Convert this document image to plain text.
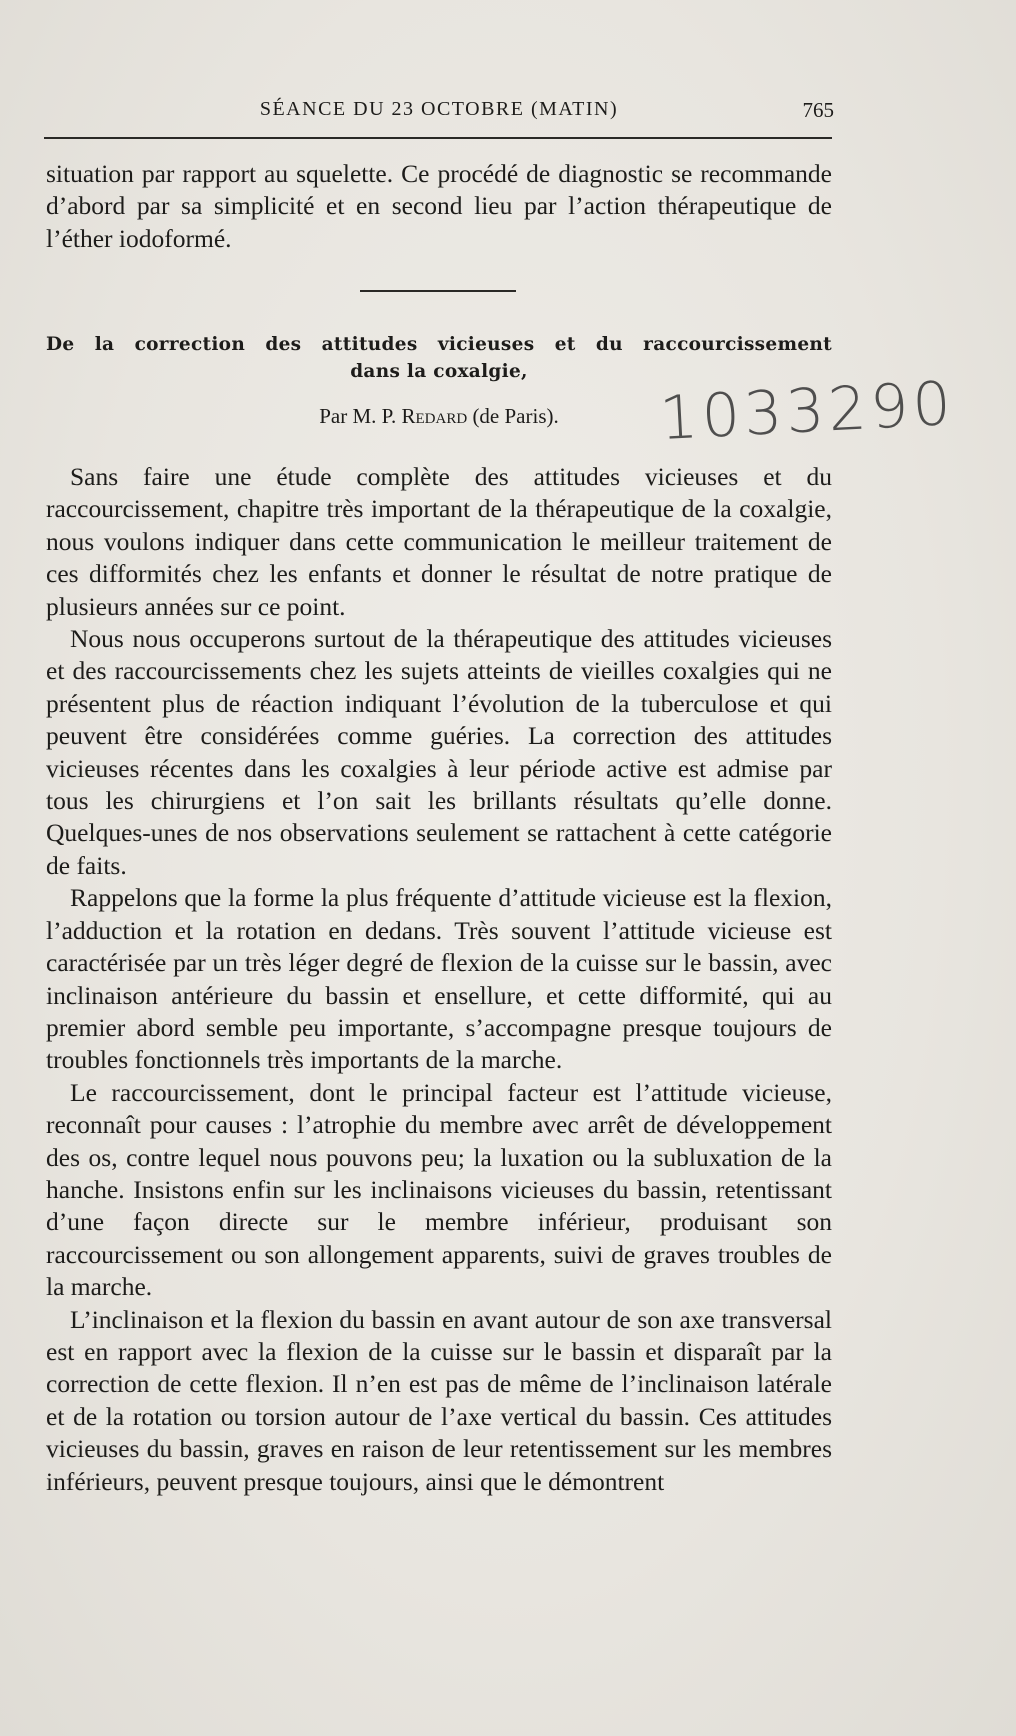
SÉANCE DU 23 OCTOBRE (MATIN)	765

situation par rapport au squelette. Ce procédé de diagnostic se recommande d’abord par sa simplicité et en second lieu par l’action thérapeutique de l’éther iodoformé.

De la correction des attitudes vicieuses et du raccourcissement
dans la coxalgie,
Par M. P. Redard (de Paris).	1033290

Sans faire une étude complète des attitudes vicieuses et du raccourcissement, chapitre très important de la thérapeutique de la coxalgie, nous voulons indiquer dans cette communication le meilleur traitement de ces difformités chez les enfants et donner le résultat de notre pratique de plusieurs années sur ce point.

Nous nous occuperons surtout de la thérapeutique des attitudes vicieuses et des raccourcissements chez les sujets atteints de vieilles coxalgies qui ne présentent plus de réaction indiquant l’évolution de la tuberculose et qui peuvent être considérées comme guéries. La correction des attitudes vicieuses récentes dans les coxalgies à leur période active est admise par tous les chirurgiens et l’on sait les brillants résultats qu’elle donne. Quelques-unes de nos observations seulement se rattachent à cette catégorie de faits.

Rappelons que la forme la plus fréquente d’attitude vicieuse est la flexion, l’adduction et la rotation en dedans. Très souvent l’attitude vicieuse est caractérisée par un très léger degré de flexion de la cuisse sur le bassin, avec inclinaison antérieure du bassin et ensellure, et cette difformité, qui au premier abord semble peu importante, s’accompagne presque toujours de troubles fonctionnels très importants de la marche.

Le raccourcissement, dont le principal facteur est l’attitude vicieuse, reconnaît pour causes : l’atrophie du membre avec arrêt de développement des os, contre lequel nous pouvons peu; la luxation ou la subluxation de la hanche. Insistons enfin sur les inclinaisons vicieuses du bassin, retentissant d’une façon directe sur le membre inférieur, produisant son raccourcissement ou son allongement apparents, suivi de graves troubles de la marche.

L’inclinaison et la flexion du bassin en avant autour de son axe transversal est en rapport avec la flexion de la cuisse sur le bassin et disparaît par la correction de cette flexion. Il n’en est pas de même de l’inclinaison latérale et de la rotation ou torsion autour de l’axe vertical du bassin. Ces attitudes vicieuses du bassin, graves en raison de leur retentissement sur les membres inférieurs, peuvent presque toujours, ainsi que le démontrent
